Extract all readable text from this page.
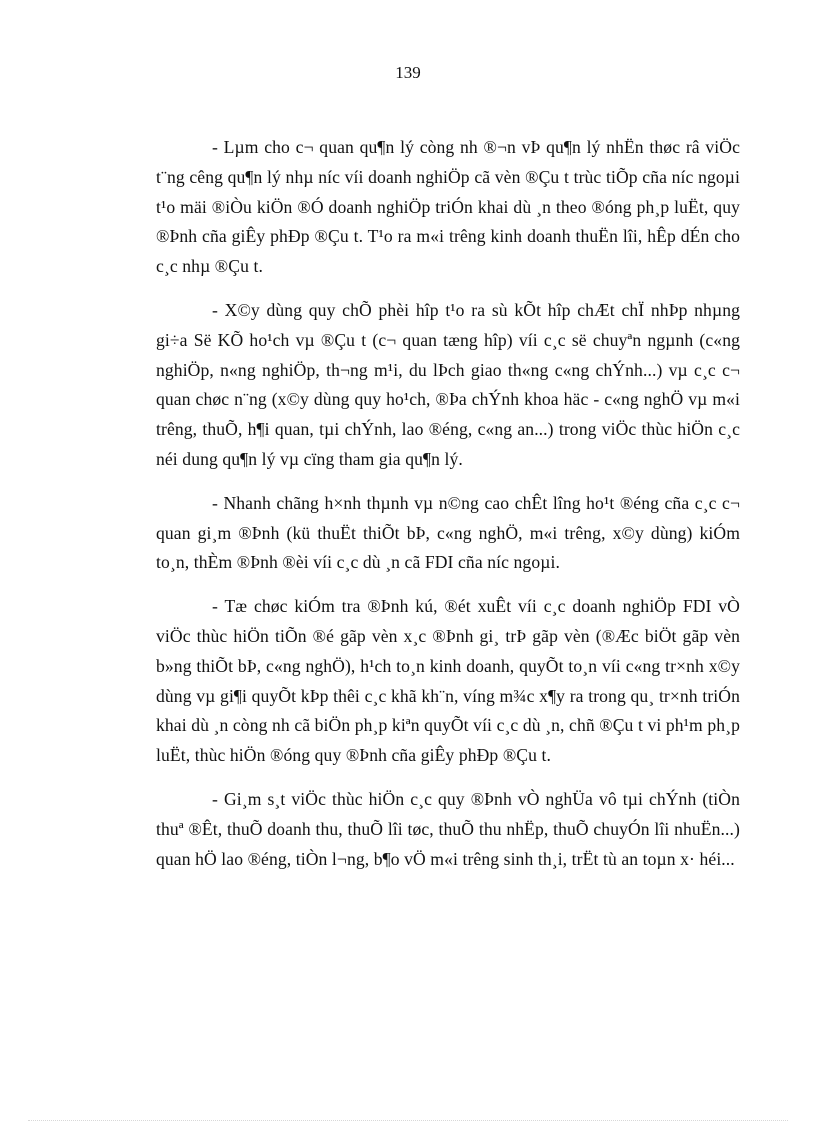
139

- Lµm cho c¬ quan qu¶n lý còng nh ®¬n vÞ qu¶n lý nhËn thøc râ viÖc t¨ng cêng qu¶n lý nhµ níc víi doanh nghiÖp cã vèn ®Çu t trùc tiÕp cña níc ngoµi t¹o mäi ®iÒu kiÖn ®Ó doanh nghiÖp triÓn khai dù ¸n theo ®óng ph¸p luËt, quy ®Þnh cña giÊy phÐp ®Çu t. T¹o ra m«i trêng kinh doanh thuËn lîi, hÊp dÉn cho c¸c nhµ ®Çu t.

- X©y dùng quy chÕ phèi hîp t¹o ra sù kÕt hîp chÆt chÏ nhÞp nhµng gi÷a Së KÕ ho¹ch vµ ®Çu t (c¬ quan tæng hîp) víi c¸c së chuyªn ngµnh (c«ng nghiÖp, n«ng nghiÖp, th¬ng m¹i, du lÞch giao th«ng c«ng chÝnh...) vµ c¸c c¬ quan chøc n¨ng (x©y dùng quy ho¹ch, ®Þa chÝnh khoa häc - c«ng nghÖ vµ m«i trêng, thuÕ, h¶i quan, tµi chÝnh, lao ®éng, c«ng an...) trong viÖc thùc hiÖn c¸c néi dung qu¶n lý vµ cïng tham gia qu¶n lý.

- Nhanh chãng h×nh thµnh vµ n©ng cao chÊt lîng ho¹t ®éng cña c¸c c¬ quan gi¸m ®Þnh (kü thuËt thiÕt bÞ, c«ng nghÖ, m«i trêng, x©y dùng) kiÓm to¸n, thÈm ®Þnh ®èi víi c¸c dù ¸n cã FDI cña níc ngoµi.

- Tæ chøc kiÓm tra ®Þnh kú, ®ét xuÊt víi c¸c doanh nghiÖp FDI vÒ viÖc thùc hiÖn tiÕn ®é gãp vèn x¸c ®Þnh gi¸ trÞ gãp vèn (®Æc biÖt gãp vèn b»ng thiÕt bÞ, c«ng nghÖ), h¹ch to¸n kinh doanh, quyÕt to¸n víi c«ng tr×nh x©y dùng vµ gi¶i quyÕt kÞp thêi c¸c khã kh¨n, víng m¾c x¶y ra trong qu¸ tr×nh triÓn khai dù ¸n còng nh cã biÖn ph¸p kiªn quyÕt víi c¸c dù ¸n, chñ ®Çu t vi ph¹m ph¸p luËt, thùc hiÖn ®óng quy ®Þnh cña giÊy phÐp ®Çu t.

- Gi¸m s¸t viÖc thùc hiÖn c¸c quy ®Þnh vÒ nghÜa vô tµi chÝnh (tiÒn thuª ®Êt, thuÕ doanh thu, thuÕ lîi tøc, thuÕ thu nhËp, thuÕ chuyÓn lîi nhuËn...) quan hÖ lao ®éng, tiÒn l¬ng, b¶o vÖ m«i trêng sinh th¸i, trËt tù an toµn x· héi...
